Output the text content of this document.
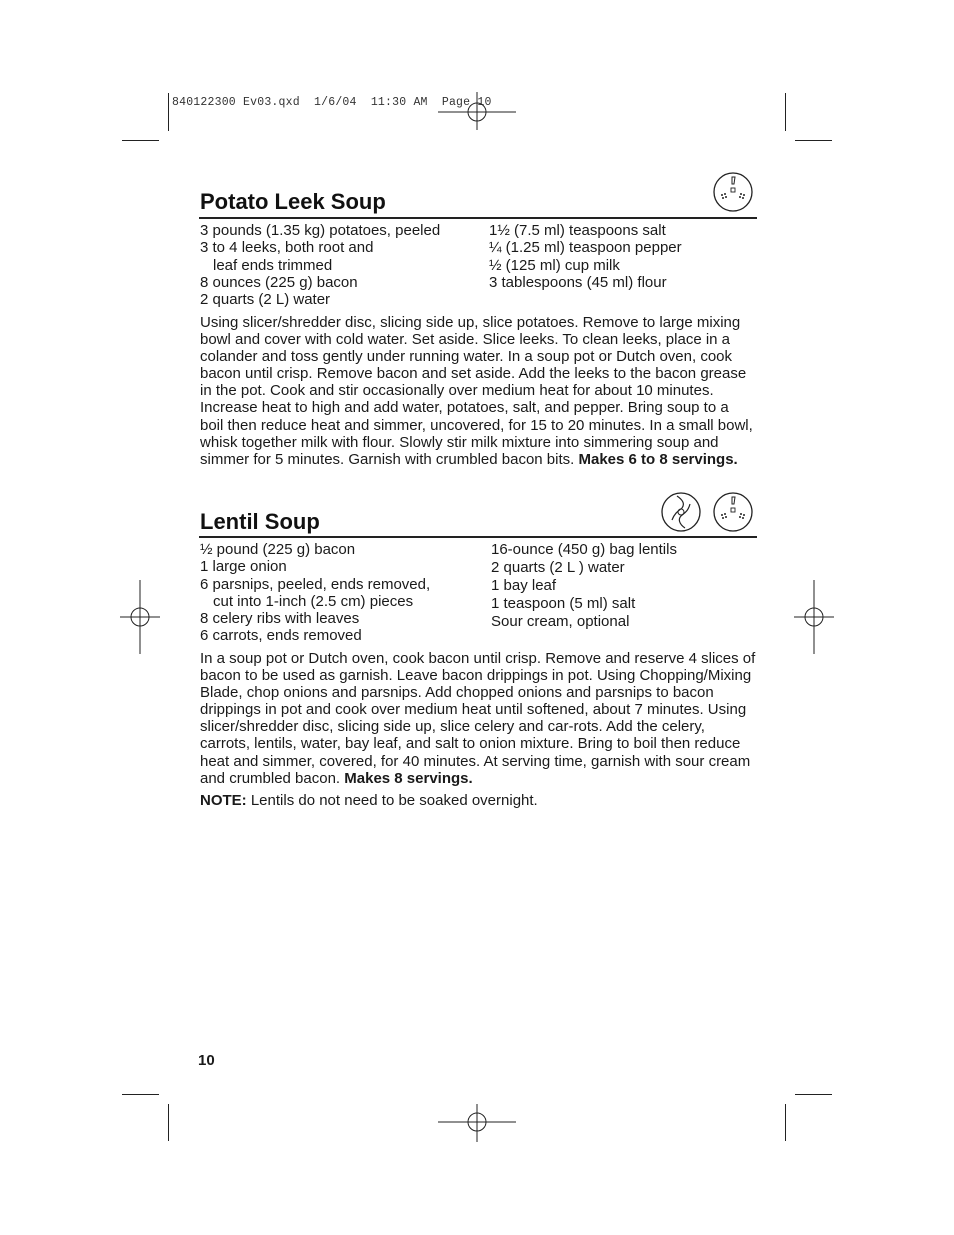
840122300 Ev03.qxd  1/6/04  11:30 AM  Page 10
Potato Leek Soup
3 pounds (1.35 kg) potatoes, peeled
3 to 4 leeks, both root and
leaf ends trimmed
8 ounces (225 g) bacon
2 quarts (2 L) water
1½ (7.5 ml) teaspoons salt
¼ (1.25 ml) teaspoon pepper
½ (125 ml) cup milk
3 tablespoons (45 ml) flour

Using slicer/shredder disc, slicing side up, slice potatoes. Remove to large mixing bowl and cover with cold water. Set aside. Slice leeks. To clean leeks, place in a colander and toss gently under running water. In a soup pot or Dutch oven, cook bacon until crisp. Remove bacon and set aside. Add the leeks to the bacon grease in the pot. Cook and stir occasionally over medium heat for about 10 minutes. Increase heat to high and add water, potatoes, salt, and pepper. Bring soup to a boil then reduce heat and simmer, uncovered, for 15 to 20 minutes. In a small bowl, whisk together milk with flour. Slowly stir milk mixture into simmering soup and simmer for 5 minutes. Garnish with crumbled bacon bits. Makes 6 to 8 servings.

Lentil Soup
½ pound (225 g) bacon
1 large onion
6 parsnips, peeled, ends removed,
cut into 1-inch (2.5 cm) pieces
8 celery ribs with leaves
6 carrots, ends removed
16-ounce (450 g) bag lentils
2 quarts (2 L ) water
1 bay leaf
1 teaspoon (5 ml) salt
Sour cream, optional

In a soup pot or Dutch oven, cook bacon until crisp. Remove and reserve 4 slices of bacon to be used as garnish. Leave bacon drippings in pot. Using Chopping/Mixing Blade, chop onions and parsnips. Add chopped onions and parsnips to bacon drippings in pot and cook over medium heat until softened, about 7 minutes. Using slicer/shredder disc, slicing side up, slice celery and car-rots. Add the celery, carrots, lentils, water, bay leaf, and salt to onion mixture. Bring to boil then reduce heat and simmer, covered, for 40 minutes. At serving time, garnish with sour cream and crumbled bacon. Makes 8 servings.

NOTE: Lentils do not need to be soaked overnight.

10
